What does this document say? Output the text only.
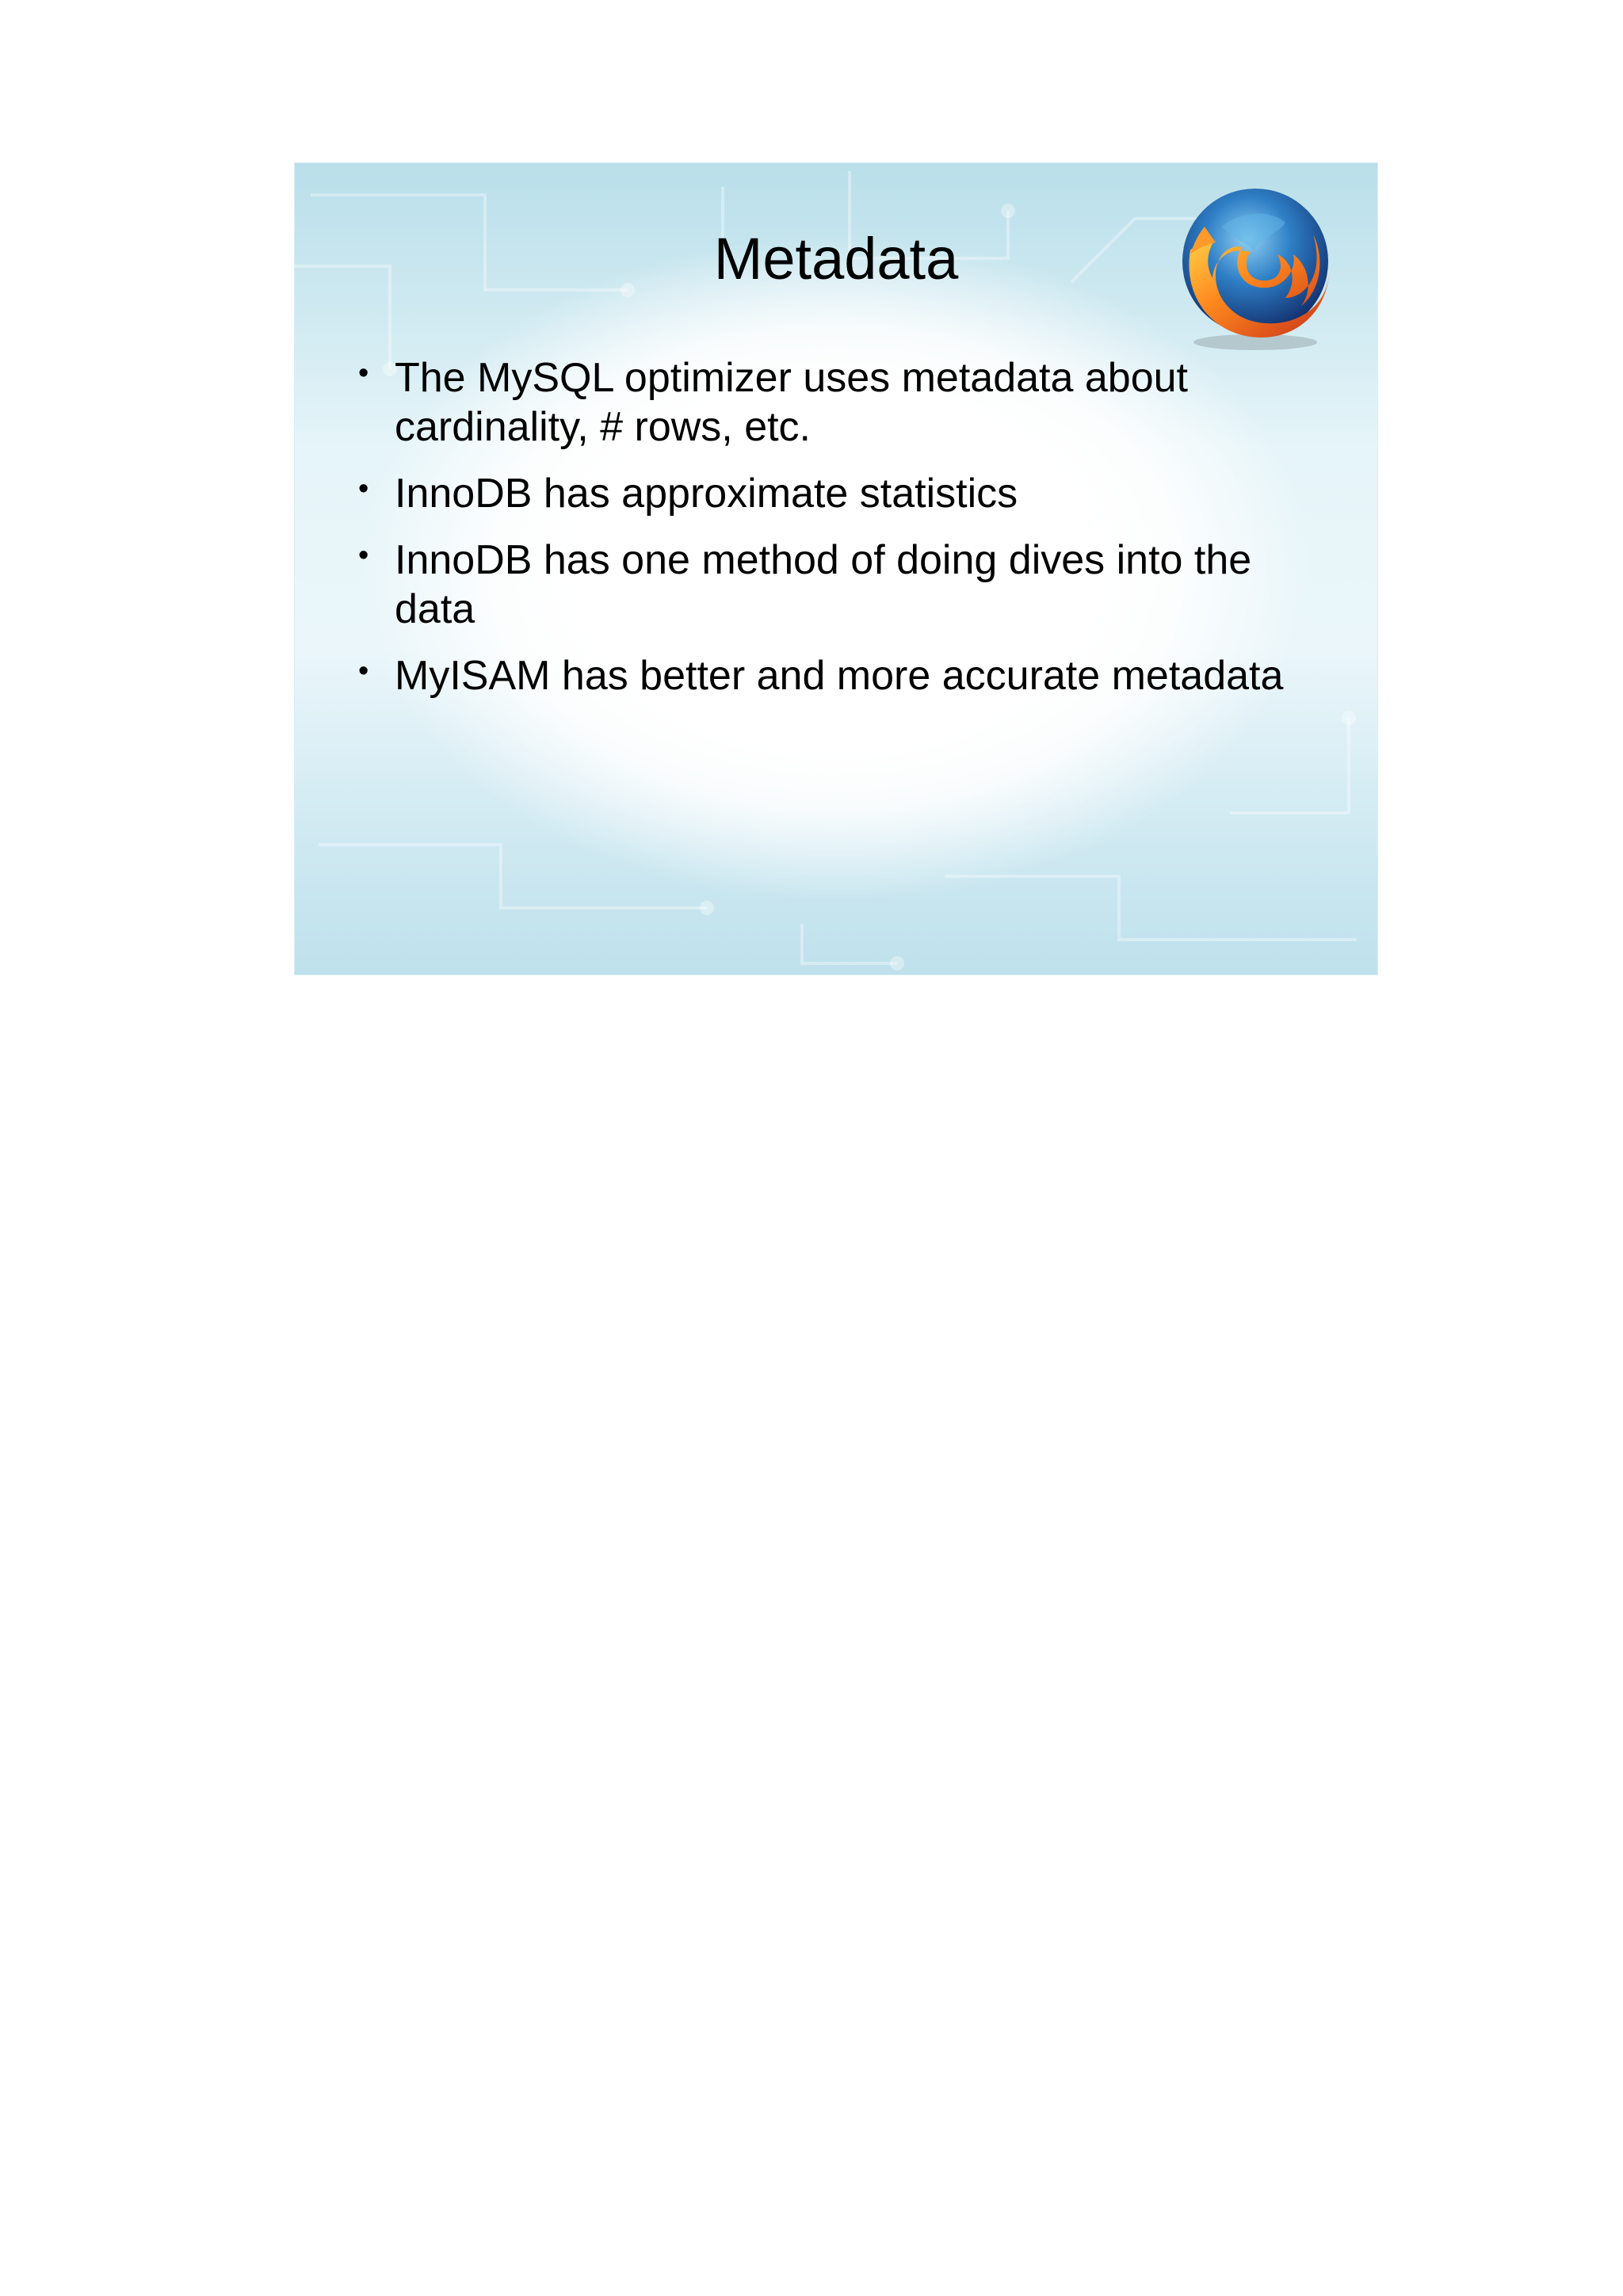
Metadata
• The MySQL optimizer uses metadata about cardinality, # rows, etc.
• InnoDB has approximate statistics
• InnoDB has one method of doing dives into the data
• MyISAM has better and more accurate metadata
